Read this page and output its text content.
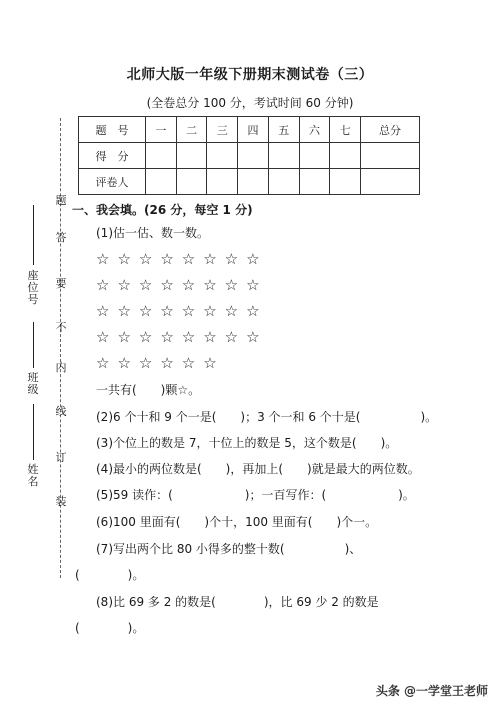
北师大版一年级下册期末测试卷（三）
(全卷总分 100 分，考试时间 60 分钟)
题　号	一	二	三	四	五	六	七	总分
得　分								
评卷人								
题
答
要
不
内
线
订
装
座位号
班级
姓名
一、我会填。(26 分，每空 1 分)
(1)估一估、数一数。
☆☆☆☆☆☆☆☆
☆☆☆☆☆☆☆☆
☆☆☆☆☆☆☆☆
☆☆☆☆☆☆☆☆
☆☆☆☆☆☆
一共有(　　)颗☆。
(2)6 个十和 9 个一是(　　)；3 个一和 6 个十是(　　　　　)。
(3)个位上的数是 7，十位上的数是 5，这个数是(　　)。
(4)最小的两位数是(　　)，再加上(　　)就是最大的两位数。
(5)59 读作：(　　　　　　)；一百写作：(　　　　　　)。
(6)100 里面有(　　)个十，100 里面有(　　)个一。
(7)写出两个比 80 小得多的整十数(　　　　　)、
(　　　　)。
(8)比 69 多 2 的数是(　　　　)，比 69 少 2 的数是
(　　　　)。
头条 @一学堂王老师
